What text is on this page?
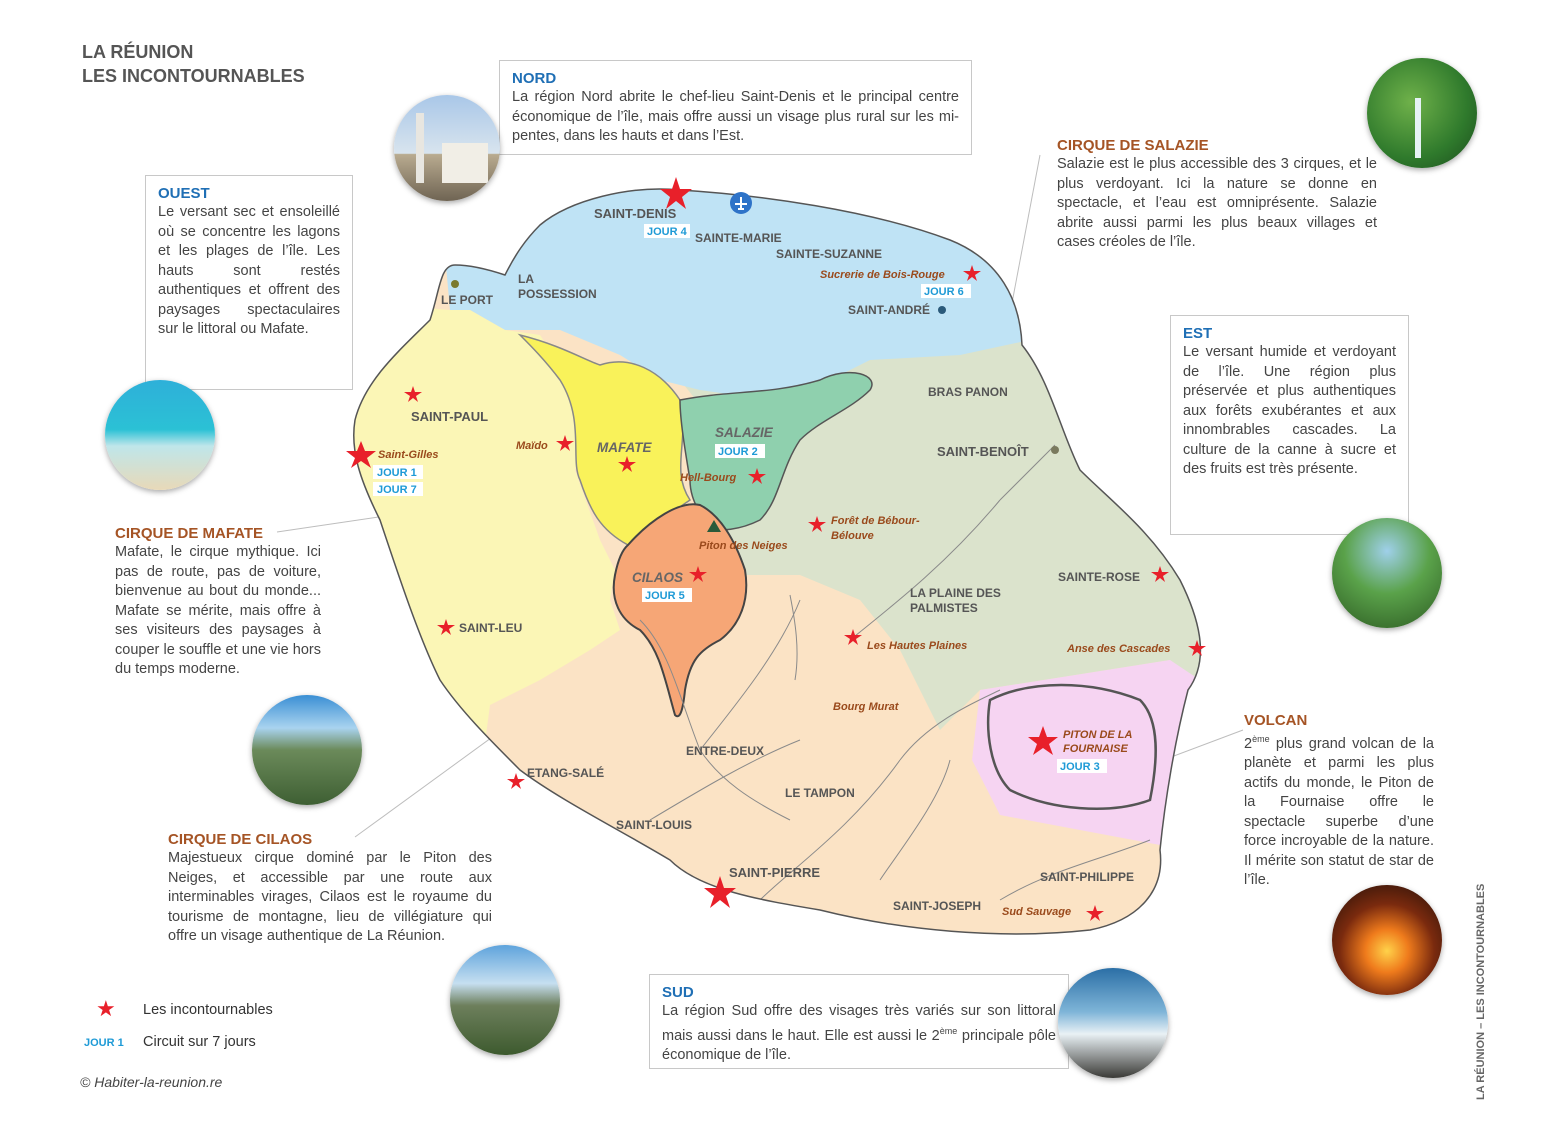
LA RÉUNION
LES INCONTOURNABLES
SAINT-DENIS
SAINTE-MARIE
SAINTE-SUZANNE
LA
POSSESSION
LE PORT
SAINT-ANDRÉ
SAINT-PAUL
BRAS PANON
SAINT-BENOÎT
SAINTE-ROSE
LA PLAINE DES
PALMISTES
SAINT-LEU
ENTRE-DEUX
ETANG-SALÉ
LE TAMPON
SAINT-LOUIS
SAINT-PIERRE	SAINT-PHILIPPE
SAINT-JOSEPH
MAFATE
SALAZIE
CILAOS
Sucrerie de Bois-Rouge
Saint-Gilles
Maïdo
Hell-Bourg
Forêt de Bébour-
Bélouve
Piton des Neiges
Les Hautes Plaines	Anse des Cascades
Bourg Murat
PITON DE LA
FOURNAISE
Sud Sauvage
JOUR 4
JOUR 6
JOUR 1
JOUR 7
JOUR 2
JOUR 5
JOUR 3
NORD
La région Nord abrite le chef-lieu Saint-Denis et le principal centre économique de l’île, mais offre aussi un visage plus rural sur les mi-pentes, dans les hauts et dans l’Est.
OUEST
Le versant sec et ensoleillé où se concentre les lagons et les plages de l’île. Les hauts sont restés authentiques et offrent des paysages spectaculaires sur le littoral ou Mafate.
CIRQUE DE SALAZIE
Salazie est le plus accessible des 3 cirques, et le plus verdoyant. Ici la nature se donne en spectacle, et l’eau est omniprésente. Salazie abrite aussi parmi les plus beaux villages et cases créoles de l’île.
EST
Le versant humide et verdoyant de l’île. Une région plus préservée et plus authentiques aux forêts exubérantes et aux innombrables cascades. La culture de la canne à sucre et des fruits est très présente.
CIRQUE DE MAFATE
Mafate, le cirque mythique. Ici pas de route, pas de voiture, bienvenue au bout du monde... Mafate se mérite, mais offre à ses visiteurs des paysages à couper le souffle et une vie hors du temps moderne.
VOLCAN
2ème plus grand volcan de la planète et parmi les plus actifs du monde, le Piton de la Fournaise offre le spectacle superbe d’une force incroyable de la nature. Il mérite son statut de star de l’île.
CIRQUE DE CILAOS
Majestueux cirque dominé par le Piton des Neiges, et accessible par une route aux interminables virages, Cilaos est le royaume du tourisme de montagne, lieu de villégiature qui offre un visage authentique de La Réunion.
SUD
La région Sud offre des visages très variés sur son littoral mais aussi dans le haut. Elle est aussi le 2ème principale pôle économique de l’île.
★ Les incontournables
JOUR 1 Circuit sur 7 jours
© Habiter-la-reunion.re	LA RÉUNION – LES INCONTOURNABLES
